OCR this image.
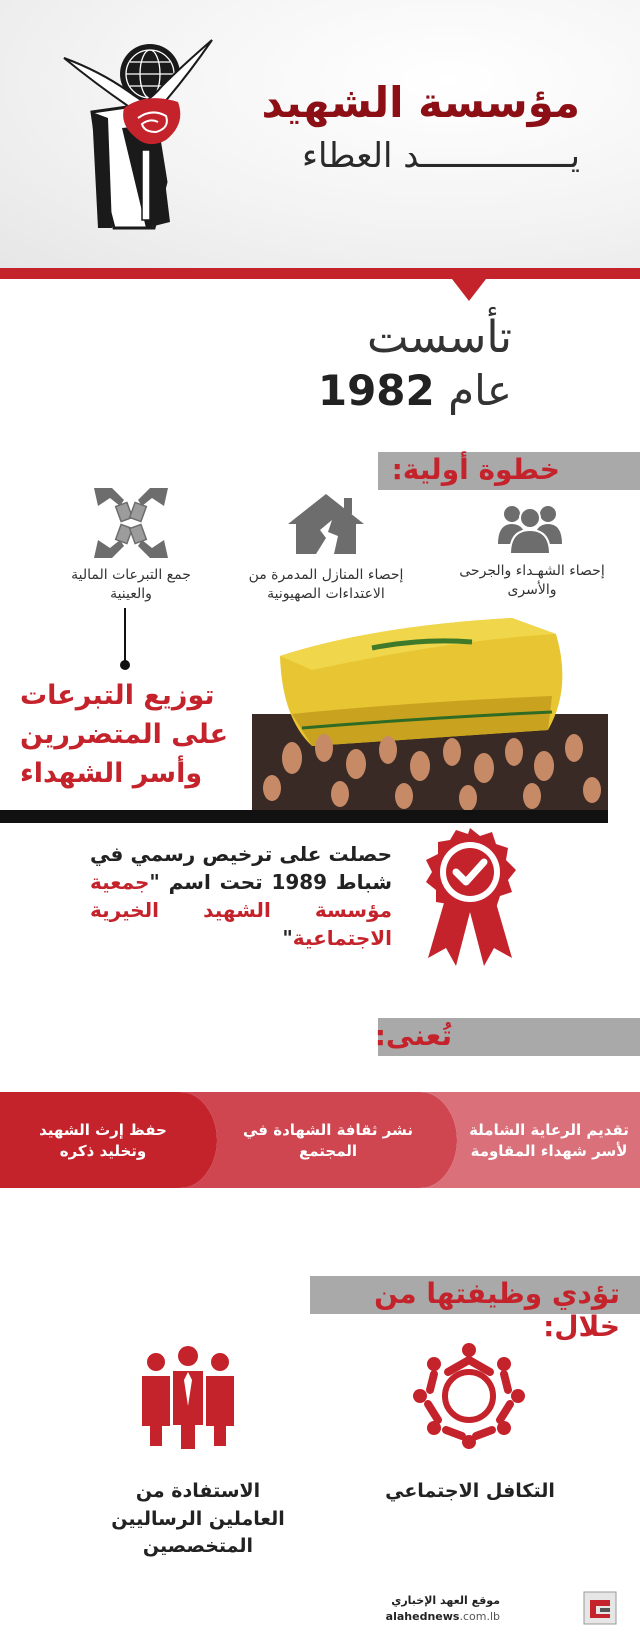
مؤسسة الشهيد
يـــــــــــــــد العطاء
تأسست
عام 1982
خطوة أولية:
إحصاء الشهـداء والجرحى والأسرى
إحصاء المنازل المدمرة من الاعتداءات الصهيونية
جمع التبرعات المالية والعينية
توزيع التبرعات على المتضررين وأسر الشهداء
حصلت على ترخيص رسمي في شباط 1989 تحت اسم "جمعية مؤسسة الشهيد الخيرية الاجتماعية"
تُعنى:
تقديم الرعاية الشاملة لأسر شهداء المقاومة
نشر ثقافة الشهادة في المجتمع
حفظ إرث الشهيد وتخليد ذكره
تؤدي وظيفتها من خلال:
التكافل الاجتماعي
الاستفادة من العاملين الرساليين المتخصصين
موقع العهد الإخباري
alahednews.com.lb
